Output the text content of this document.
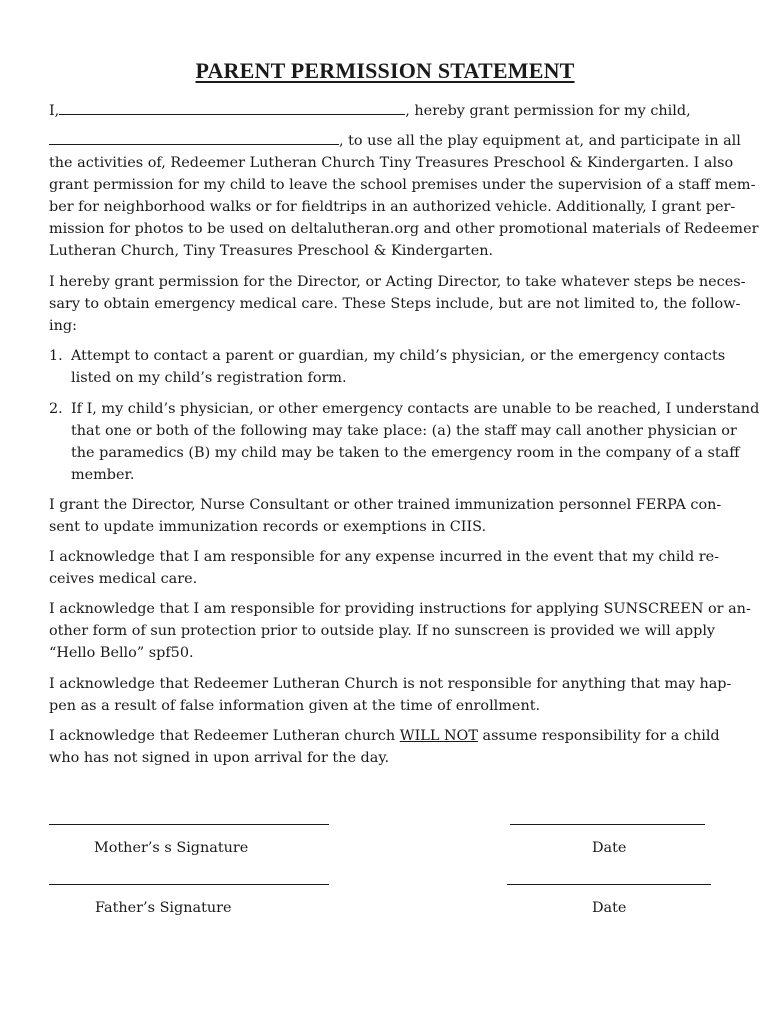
PARENT PERMISSION STATEMENT
I,	, hereby grant permission for my child,
, to use all the play equipment at, and participate in all
the activities of, Redeemer Lutheran Church Tiny Treasures Preschool & Kindergarten. I also
grant permission for my child to leave the school premises under the supervision of a staff mem-
ber for neighborhood walks or for fieldtrips in an authorized vehicle. Additionally, I grant per-
mission for photos to be used on deltalutheran.org and other promotional materials of Redeemer
Lutheran Church, Tiny Treasures Preschool & Kindergarten.
I hereby grant permission for the Director, or Acting Director, to take whatever steps be neces-
sary to obtain emergency medical care. These Steps include, but are not limited to, the follow-
ing:
1. Attempt to contact a parent or guardian, my child’s physician, or the emergency contacts
listed on my child’s registration form.
2. If I, my child’s physician, or other emergency contacts are unable to be reached, I understand
that one or both of the following may take place: (a) the staff may call another physician or
the paramedics (B) my child may be taken to the emergency room in the company of a staff
member.
I grant the Director, Nurse Consultant or other trained immunization personnel FERPA con-
sent to update immunization records or exemptions in CIIS.
I acknowledge that I am responsible for any expense incurred in the event that my child re-
ceives medical care.
I acknowledge that I am responsible for providing instructions for applying SUNSCREEN or an-
other form of sun protection prior to outside play. If no sunscreen is provided we will apply
“Hello Bello” spf50.
I acknowledge that Redeemer Lutheran Church is not responsible for anything that may hap-
pen as a result of false information given at the time of enrollment.
I acknowledge that Redeemer Lutheran church WILL NOT assume responsibility for a child
who has not signed in upon arrival for the day.
Mother’s s Signature	Date
Father’s Signature	Date
